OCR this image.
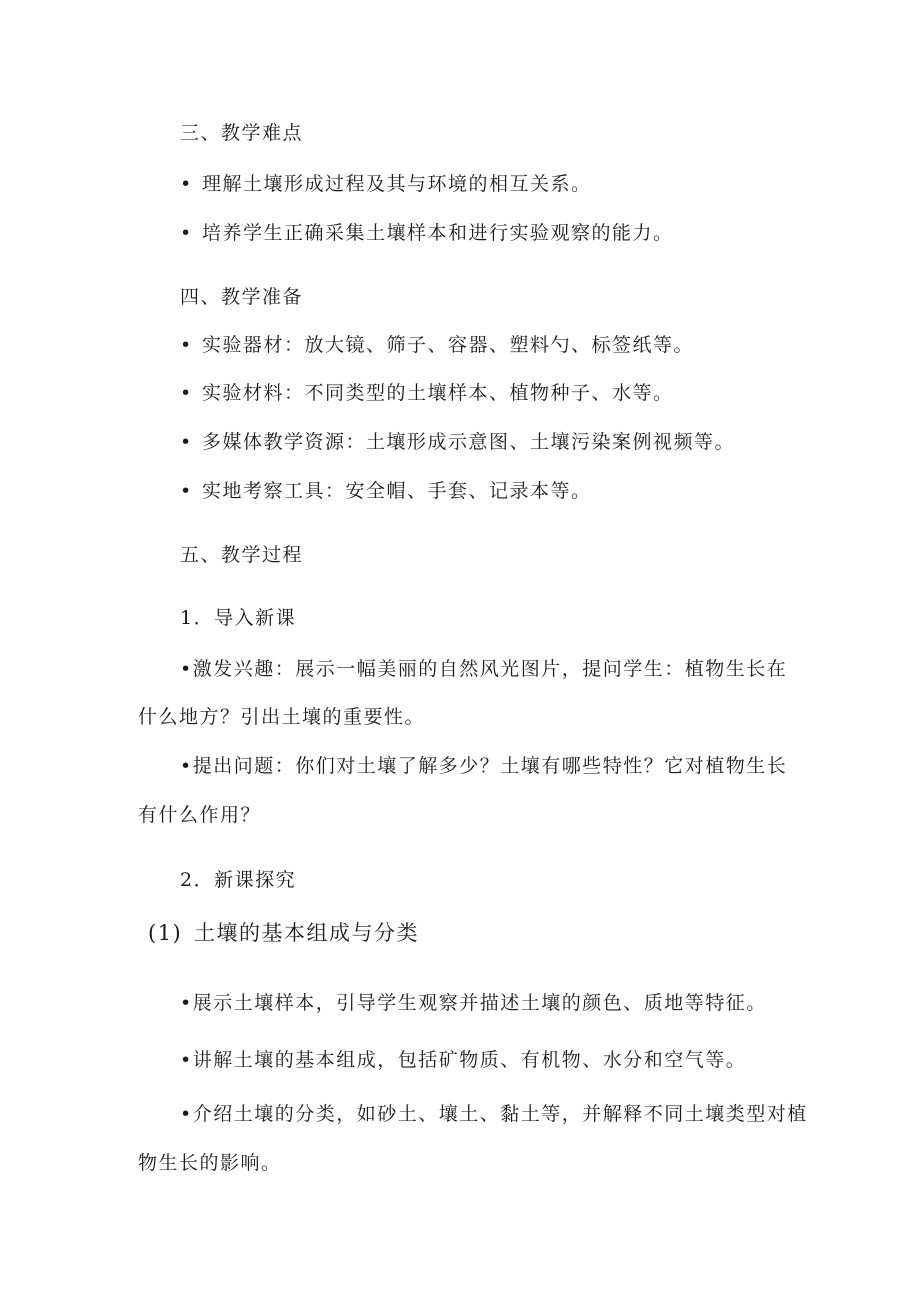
三、教学难点
• 理解土壤形成过程及其与环境的相互关系。
• 培养学生正确采集土壤样本和进行实验观察的能力。
四、教学准备
• 实验器材：放大镜、筛子、容器、塑料勺、标签纸等。
• 实验材料：不同类型的土壤样本、植物种子、水等。
• 多媒体教学资源：土壤形成示意图、土壤污染案例视频等。
• 实地考察工具：安全帽、手套、记录本等。
五、教学过程
1．导入新课
•激发兴趣：展示一幅美丽的自然风光图片，提问学生：植物生长在
什么地方？引出土壤的重要性。
•提出问题：你们对土壤了解多少？土壤有哪些特性？它对植物生长
有什么作用？
2．新课探究
(1) 土壤的基本组成与分类
•展示土壤样本，引导学生观察并描述土壤的颜色、质地等特征。
•讲解土壤的基本组成，包括矿物质、有机物、水分和空气等。
•介绍土壤的分类，如砂土、壤土、黏土等，并解释不同土壤类型对植
物生长的影响。
